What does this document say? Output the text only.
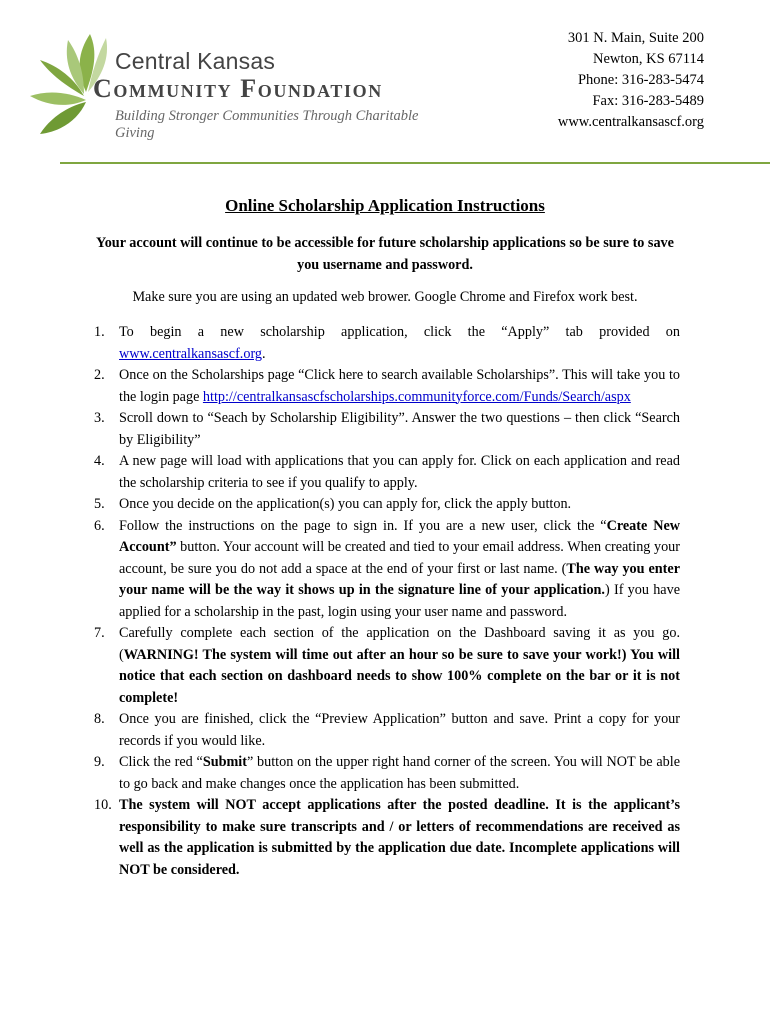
Central Kansas
Community Foundation
Building Stronger Communities Through Charitable Giving
301 N. Main, Suite 200
Newton, KS 67114
Phone: 316-283-5474
Fax: 316-283-5489
www.centralkansascf.org
Online Scholarship Application Instructions
Your account will continue to be accessible for future scholarship applications so be sure to save you username and password.
Make sure you are using an updated web brower. Google Chrome and Firefox work best.
1. To begin a new scholarship application, click the “Apply” tab provided on www.centralkansascf.org.
2. Once on the Scholarships page “Click here to search available Scholarships”. This will take you to the login page http://centralkansascfscholarships.communityforce.com/Funds/Search/aspx
3. Scroll down to “Seach by Scholarship Eligibility”. Answer the two questions – then click “Search by Eligibility”
4. A new page will load with applications that you can apply for. Click on each application and read the scholarship criteria to see if you qualify to apply.
5. Once you decide on the application(s) you can apply for, click the apply button.
6. Follow the instructions on the page to sign in. If you are a new user, click the “Create New Account” button. Your account will be created and tied to your email address. When creating your account, be sure you do not add a space at the end of your first or last name. (The way you enter your name will be the way it shows up in the signature line of your application.) If you have applied for a scholarship in the past, login using your user name and password.
7. Carefully complete each section of the application on the Dashboard saving it as you go. (WARNING! The system will time out after an hour so be sure to save your work!) You will notice that each section on dashboard needs to show 100% complete on the bar or it is not complete!
8. Once you are finished, click the “Preview Application” button and save. Print a copy for your records if you would like.
9. Click the red “Submit” button on the upper right hand corner of the screen. You will NOT be able to go back and make changes once the application has been submitted.
10. The system will NOT accept applications after the posted deadline. It is the applicant’s responsibility to make sure transcripts and / or letters of recommendations are received as well as the application is submitted by the application due date. Incomplete applications will NOT be considered.
